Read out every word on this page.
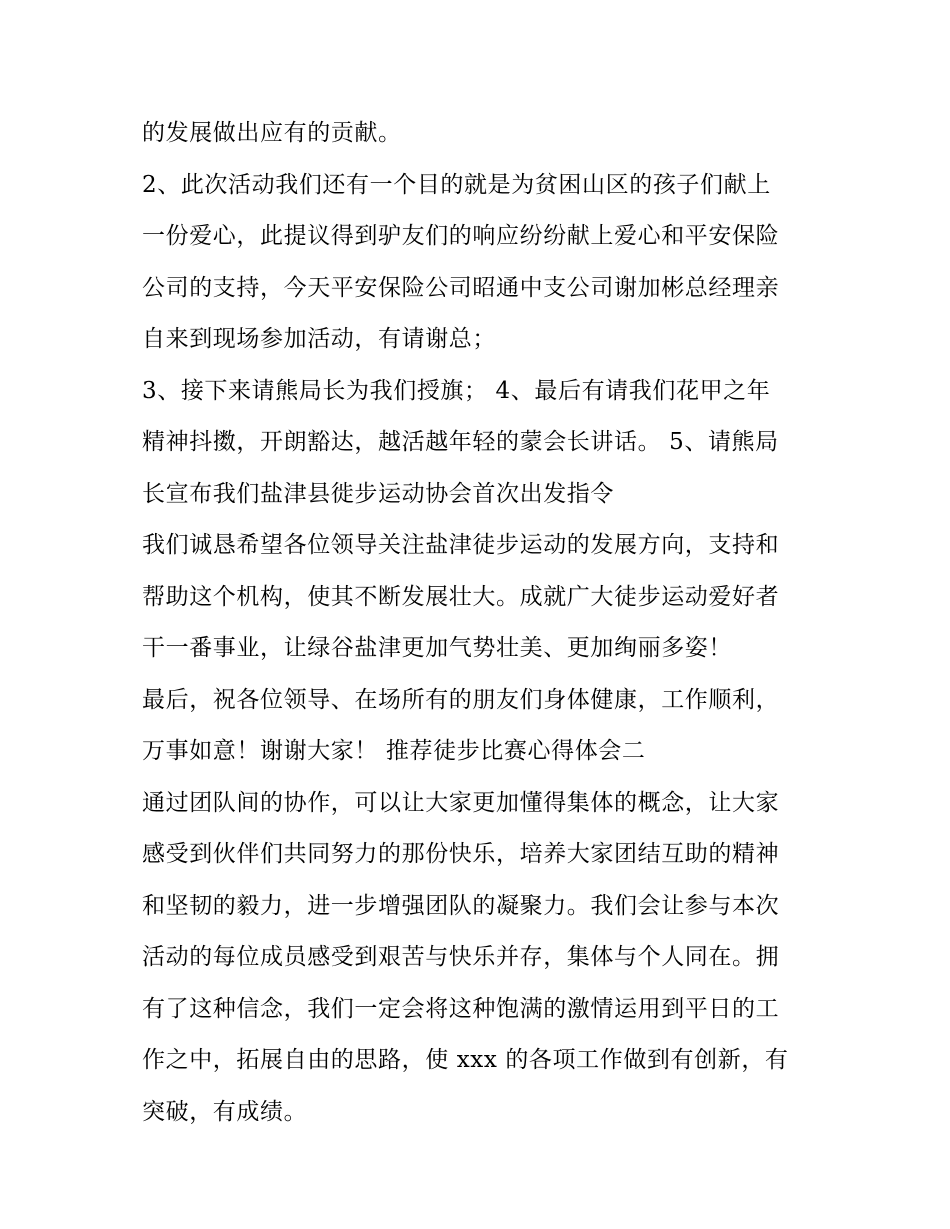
的发展做出应有的贡献。
2、此次活动我们还有一个目的就是为贫困山区的孩子们献上
一份爱心，此提议得到驴友们的响应纷纷献上爱心和平安保险
公司的支持，今天平安保险公司昭通中支公司谢加彬总经理亲
自来到现场参加活动，有请谢总；
3、接下来请熊局长为我们授旗； 4、最后有请我们花甲之年
精神抖擞，开朗豁达，越活越年轻的蒙会长讲话。 5、请熊局
长宣布我们盐津县徙步运动协会首次出发指令
我们诚恳希望各位领导关注盐津徒步运动的发展方向，支持和
帮助这个机构，使其不断发展壮大。成就广大徒步运动爱好者
干一番事业，让绿谷盐津更加气势壮美、更加绚丽多姿！
最后，祝各位领导、在场所有的朋友们身体健康，工作顺利，
万事如意！谢谢大家！ 推荐徒步比赛心得体会二
通过团队间的协作，可以让大家更加懂得集体的概念，让大家
感受到伙伴们共同努力的那份快乐，培养大家团结互助的精神
和坚韧的毅力，进一步增强团队的凝聚力。我们会让参与本次
活动的每位成员感受到艰苦与快乐并存，集体与个人同在。拥
有了这种信念，我们一定会将这种饱满的激情运用到平日的工
作之中，拓展自由的思路，使 xxx 的各项工作做到有创新，有
突破，有成绩。
